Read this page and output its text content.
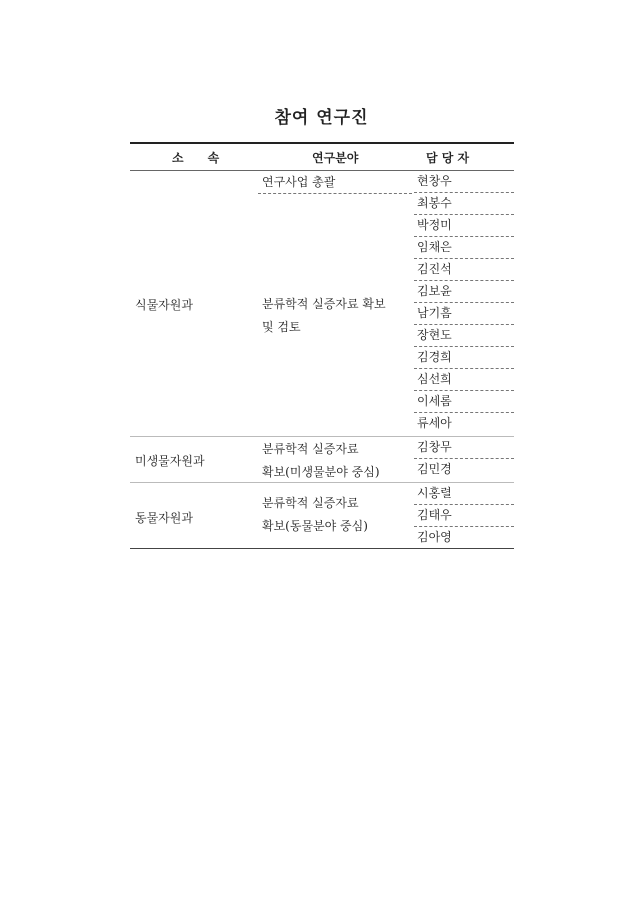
참여 연구진
소　　속	연구분야	담 당 자
식물자원과
연구사업 총괄
분류학적 실증자료 확보
및 검토
현창우
최봉수
박정미
임채은
김진석
김보윤
남기흠
장현도
김경희
심선희
이세롬
류세아
미생물자원과
분류학적 실증자료
확보(미생물분야 중심)
김창무
김민경
동물자원과
분류학적 실증자료
확보(동물분야 중심)
시홍렬
김태우
김아영
